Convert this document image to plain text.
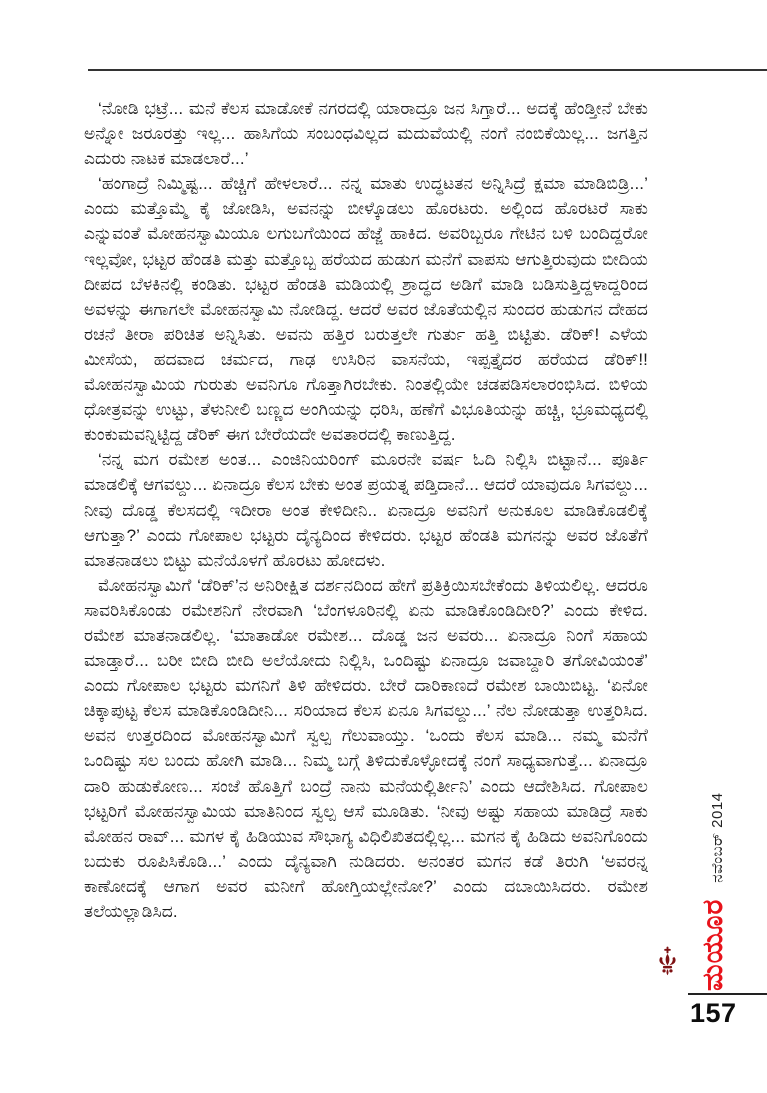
‘ನೋಡಿ ಭಟ್ರೆ... ಮನೆ ಕೆಲಸ ಮಾಡೋಕೆ ನಗರದಲ್ಲಿ ಯಾರಾದ್ರೂ ಜನ ಸಿಗ್ತಾರೆ... ಅದಕ್ಕೆ ಹೆಂಡ್ತೀನೆ ಬೇಕು ಅನ್ನೋ ಜರೂರತ್ತು ಇಲ್ಲ... ಹಾಸಿಗೆಯ ಸಂಬಂಧವಿಲ್ಲದ ಮದುವೆಯಲ್ಲಿ ನಂಗೆ ನಂಬಿಕೆಯಿಲ್ಲ... ಜಗತ್ತಿನ ಎದುರು ನಾಟಕ ಮಾಡಲಾರೆ...’

‘ಹಂಗಾದ್ರೆ ನಿಮ್ಮಿಷ್ಟ... ಹೆಚ್ಚಿಗೆ ಹೇಳಲಾರೆ... ನನ್ನ ಮಾತು ಉದ್ಧಟತನ ಅನ್ನಿಸಿದ್ರೆ ಕ್ಷಮಾ ಮಾಡಿಬಿಡ್ರಿ...’ ಎಂದು ಮತ್ತೊಮ್ಮೆ ಕೈ ಜೋಡಿಸಿ, ಅವನನ್ನು ಬೀಳ್ಕೊಡಲು ಹೊರಟರು. ಅಲ್ಲಿಂದ ಹೊರಟರೆ ಸಾಕು ಎನ್ನುವಂತೆ ಮೋಹನಸ್ವಾಮಿಯೂ ಲಗುಬಗೆಯಿಂದ ಹೆಜ್ಜೆ ಹಾಕಿದ. ಅವರಿಬ್ಬರೂ ಗೇಟಿನ ಬಳಿ ಬಂದಿದ್ದರೋ ಇಲ್ಲವೋ, ಭಟ್ಟರ ಹೆಂಡತಿ ಮತ್ತು ಮತ್ತೊಬ್ಬ ಹರೆಯದ ಹುಡುಗ ಮನೆಗೆ ವಾಪಸು ಆಗುತ್ತಿರುವುದು ಬೀದಿಯ ದೀಪದ ಬೆಳಕಿನಲ್ಲಿ ಕಂಡಿತು. ಭಟ್ಟರ ಹೆಂಡತಿ ಮಡಿಯಲ್ಲಿ ಶ್ರಾದ್ಧದ ಅಡಿಗೆ ಮಾಡಿ ಬಡಿಸುತ್ತಿದ್ದಳಾದ್ದರಿಂದ ಅವಳನ್ನು ಈಗಾಗಲೇ ಮೋಹನಸ್ವಾಮಿ ನೋಡಿದ್ದ. ಆದರೆ ಅವರ ಜೊತೆಯಲ್ಲಿನ ಸುಂದರ ಹುಡುಗನ ದೇಹದ ರಚನೆ ತೀರಾ ಪರಿಚಿತ ಅನ್ನಿಸಿತು. ಅವನು ಹತ್ತಿರ ಬರುತ್ತಲೇ ಗುರ್ತು ಹತ್ತಿ ಬಿಟ್ಟಿತು. ಡೆರಿಕ್! ಎಳೆಯ ಮೀಸೆಯ, ಹದವಾದ ಚರ್ಮದ, ಗಾಢ ಉಸಿರಿನ ವಾಸನೆಯ, ಇಪ್ಪತ್ತೈದರ ಹರೆಯದ ಡೆರಿಕ್!! ಮೋಹನಸ್ವಾಮಿಯ ಗುರುತು ಅವನಿಗೂ ಗೊತ್ತಾಗಿರಬೇಕು. ನಿಂತಲ್ಲಿಯೇ ಚಡಪಡಿಸಲಾರಂಭಿಸಿದ. ಬಿಳಿಯ ಧೋತ್ರವನ್ನು ಉಟ್ಟು, ತೆಳುನೀಲಿ ಬಣ್ಣದ ಅಂಗಿಯನ್ನು ಧರಿಸಿ, ಹಣೆಗೆ ವಿಭೂತಿಯನ್ನು ಹಚ್ಚಿ, ಭ್ರೂಮಧ್ಯದಲ್ಲಿ ಕುಂಕುಮವನ್ನಿಟ್ಟಿದ್ದ ಡೆರಿಕ್ ಈಗ ಬೇರೆಯದೇ ಅವತಾರದಲ್ಲಿ ಕಾಣುತ್ತಿದ್ದ.

‘ನನ್ನ ಮಗ ರಮೇಶ ಅಂತ... ಎಂಜಿನಿಯರಿಂಗ್ ಮೂರನೇ ವರ್ಷ ಓದಿ ನಿಲ್ಲಿಸಿ ಬಿಟ್ಟಾನೆ... ಪೂರ್ತಿ ಮಾಡಲಿಕ್ಕೆ ಆಗವಲ್ದು... ಏನಾದ್ರೂ ಕೆಲಸ ಬೇಕು ಅಂತ ಪ್ರಯತ್ನ ಪಡ್ತಿದಾನೆ... ಆದರೆ ಯಾವುದೂ ಸಿಗವಲ್ದು... ನೀವು ದೊಡ್ಡ ಕೆಲಸದಲ್ಲಿ ಇದೀರಾ ಅಂತ ಕೇಳಿದೀನಿ.. ಏನಾದ್ರೂ ಅವನಿಗೆ ಅನುಕೂಲ ಮಾಡಿಕೊಡಲಿಕ್ಕೆ ಆಗುತ್ತಾ?’ ಎಂದು ಗೋಪಾಲ ಭಟ್ಟರು ದೈನ್ಯದಿಂದ ಕೇಳಿದರು. ಭಟ್ಟರ ಹೆಂಡತಿ ಮಗನನ್ನು ಅವರ ಜೊತೆಗೆ ಮಾತನಾಡಲು ಬಿಟ್ಟು ಮನೆಯೊಳಗೆ ಹೊರಟು ಹೋದಳು.

ಮೋಹನಸ್ವಾಮಿಗೆ ‘ಡೆರಿಕ್’ನ ಅನಿರೀಕ್ಷಿತ ದರ್ಶನದಿಂದ ಹೇಗೆ ಪ್ರತಿಕ್ರಿಯಿಸಬೇಕೆಂದು ತಿಳಿಯಲಿಲ್ಲ. ಆದರೂ ಸಾವರಿಸಿಕೊಂಡು ರಮೇಶನಿಗೆ ನೇರವಾಗಿ ‘ಬೆಂಗಳೂರಿನಲ್ಲಿ ಏನು ಮಾಡಿಕೊಂಡಿದೀರಿ?’ ಎಂದು ಕೇಳಿದ. ರಮೇಶ ಮಾತನಾಡಲಿಲ್ಲ. ‘ಮಾತಾಡೋ ರಮೇಶ... ದೊಡ್ಡ ಜನ ಅವರು... ಏನಾದ್ರೂ ನಿಂಗೆ ಸಹಾಯ ಮಾಡ್ತಾರೆ... ಬರೀ ಬೀದಿ ಬೀದಿ ಅಲೆಯೋದು ನಿಲ್ಲಿಸಿ, ಒಂದಿಷ್ಟು ಏನಾದ್ರೂ ಜವಾಬ್ದಾರಿ ತಗೋವಿಯಂತೆ’ ಎಂದು ಗೋಪಾಲ ಭಟ್ಟರು ಮಗನಿಗೆ ತಿಳಿ ಹೇಳಿದರು. ಬೇರೆ ದಾರಿಕಾಣದೆ ರಮೇಶ ಬಾಯಿಬಿಟ್ಟ. ‘ಏನೋ ಚಿಕ್ಕಾಪುಟ್ಟ ಕೆಲಸ ಮಾಡಿಕೊಂಡಿದೀನಿ... ಸರಿಯಾದ ಕೆಲಸ ಏನೂ ಸಿಗವಲ್ದು...’ ನೆಲ ನೋಡುತ್ತಾ ಉತ್ತರಿಸಿದ. ಅವನ ಉತ್ತರದಿಂದ ಮೋಹನಸ್ವಾಮಿಗೆ ಸ್ವಲ್ಪ ಗೆಲುವಾಯ್ತು. ‘ಒಂದು ಕೆಲಸ ಮಾಡಿ... ನಮ್ಮ ಮನೆಗೆ ಒಂದಿಷ್ಟು ಸಲ ಬಂದು ಹೋಗಿ ಮಾಡಿ... ನಿಮ್ಮ ಬಗ್ಗೆ ತಿಳಿದುಕೊಳ್ಳೋದಕ್ಕೆ ನಂಗೆ ಸಾಧ್ಯವಾಗುತ್ತೆ... ಏನಾದ್ರೂ ದಾರಿ ಹುಡುಕೋಣ... ಸಂಜೆ ಹೊತ್ತಿಗೆ ಬಂದ್ರೆ ನಾನು ಮನೆಯಲ್ಲಿರ್ತೀನಿ’ ಎಂದು ಆದೇಶಿಸಿದ. ಗೋಪಾಲ ಭಟ್ಟರಿಗೆ ಮೋಹನಸ್ವಾಮಿಯ ಮಾತಿನಿಂದ ಸ್ವಲ್ಪ ಆಸೆ ಮೂಡಿತು. ‘ನೀವು ಅಷ್ಟು ಸಹಾಯ ಮಾಡಿದ್ರೆ ಸಾಕು ಮೋಹನ ರಾವ್... ಮಗಳ ಕೈ ಹಿಡಿಯುವ ಸೌಭಾಗ್ಯ ವಿಧಿಲಿಖಿತದಲ್ಲಿಲ್ಲ... ಮಗನ ಕೈ ಹಿಡಿದು ಅವನಿಗೊಂದು ಬದುಕು ರೂಪಿಸಿಕೊಡಿ...’ ಎಂದು ದೈನ್ಯವಾಗಿ ನುಡಿದರು. ಅನಂತರ ಮಗನ ಕಡೆ ತಿರುಗಿ ‘ಅವರನ್ನ ಕಾಣೋದಕ್ಕೆ ಆಗಾಗ ಅವರ ಮನೀಗೆ ಹೋಗ್ತಿಯಲ್ಲೇನೋ?’ ಎಂದು ದಬಾಯಿಸಿದರು. ರಮೇಶ ತಲೆಯಲ್ಲಾಡಿಸಿದ.	ಮಯೂರ
ನವೆಂಬರ್ 2014
157
